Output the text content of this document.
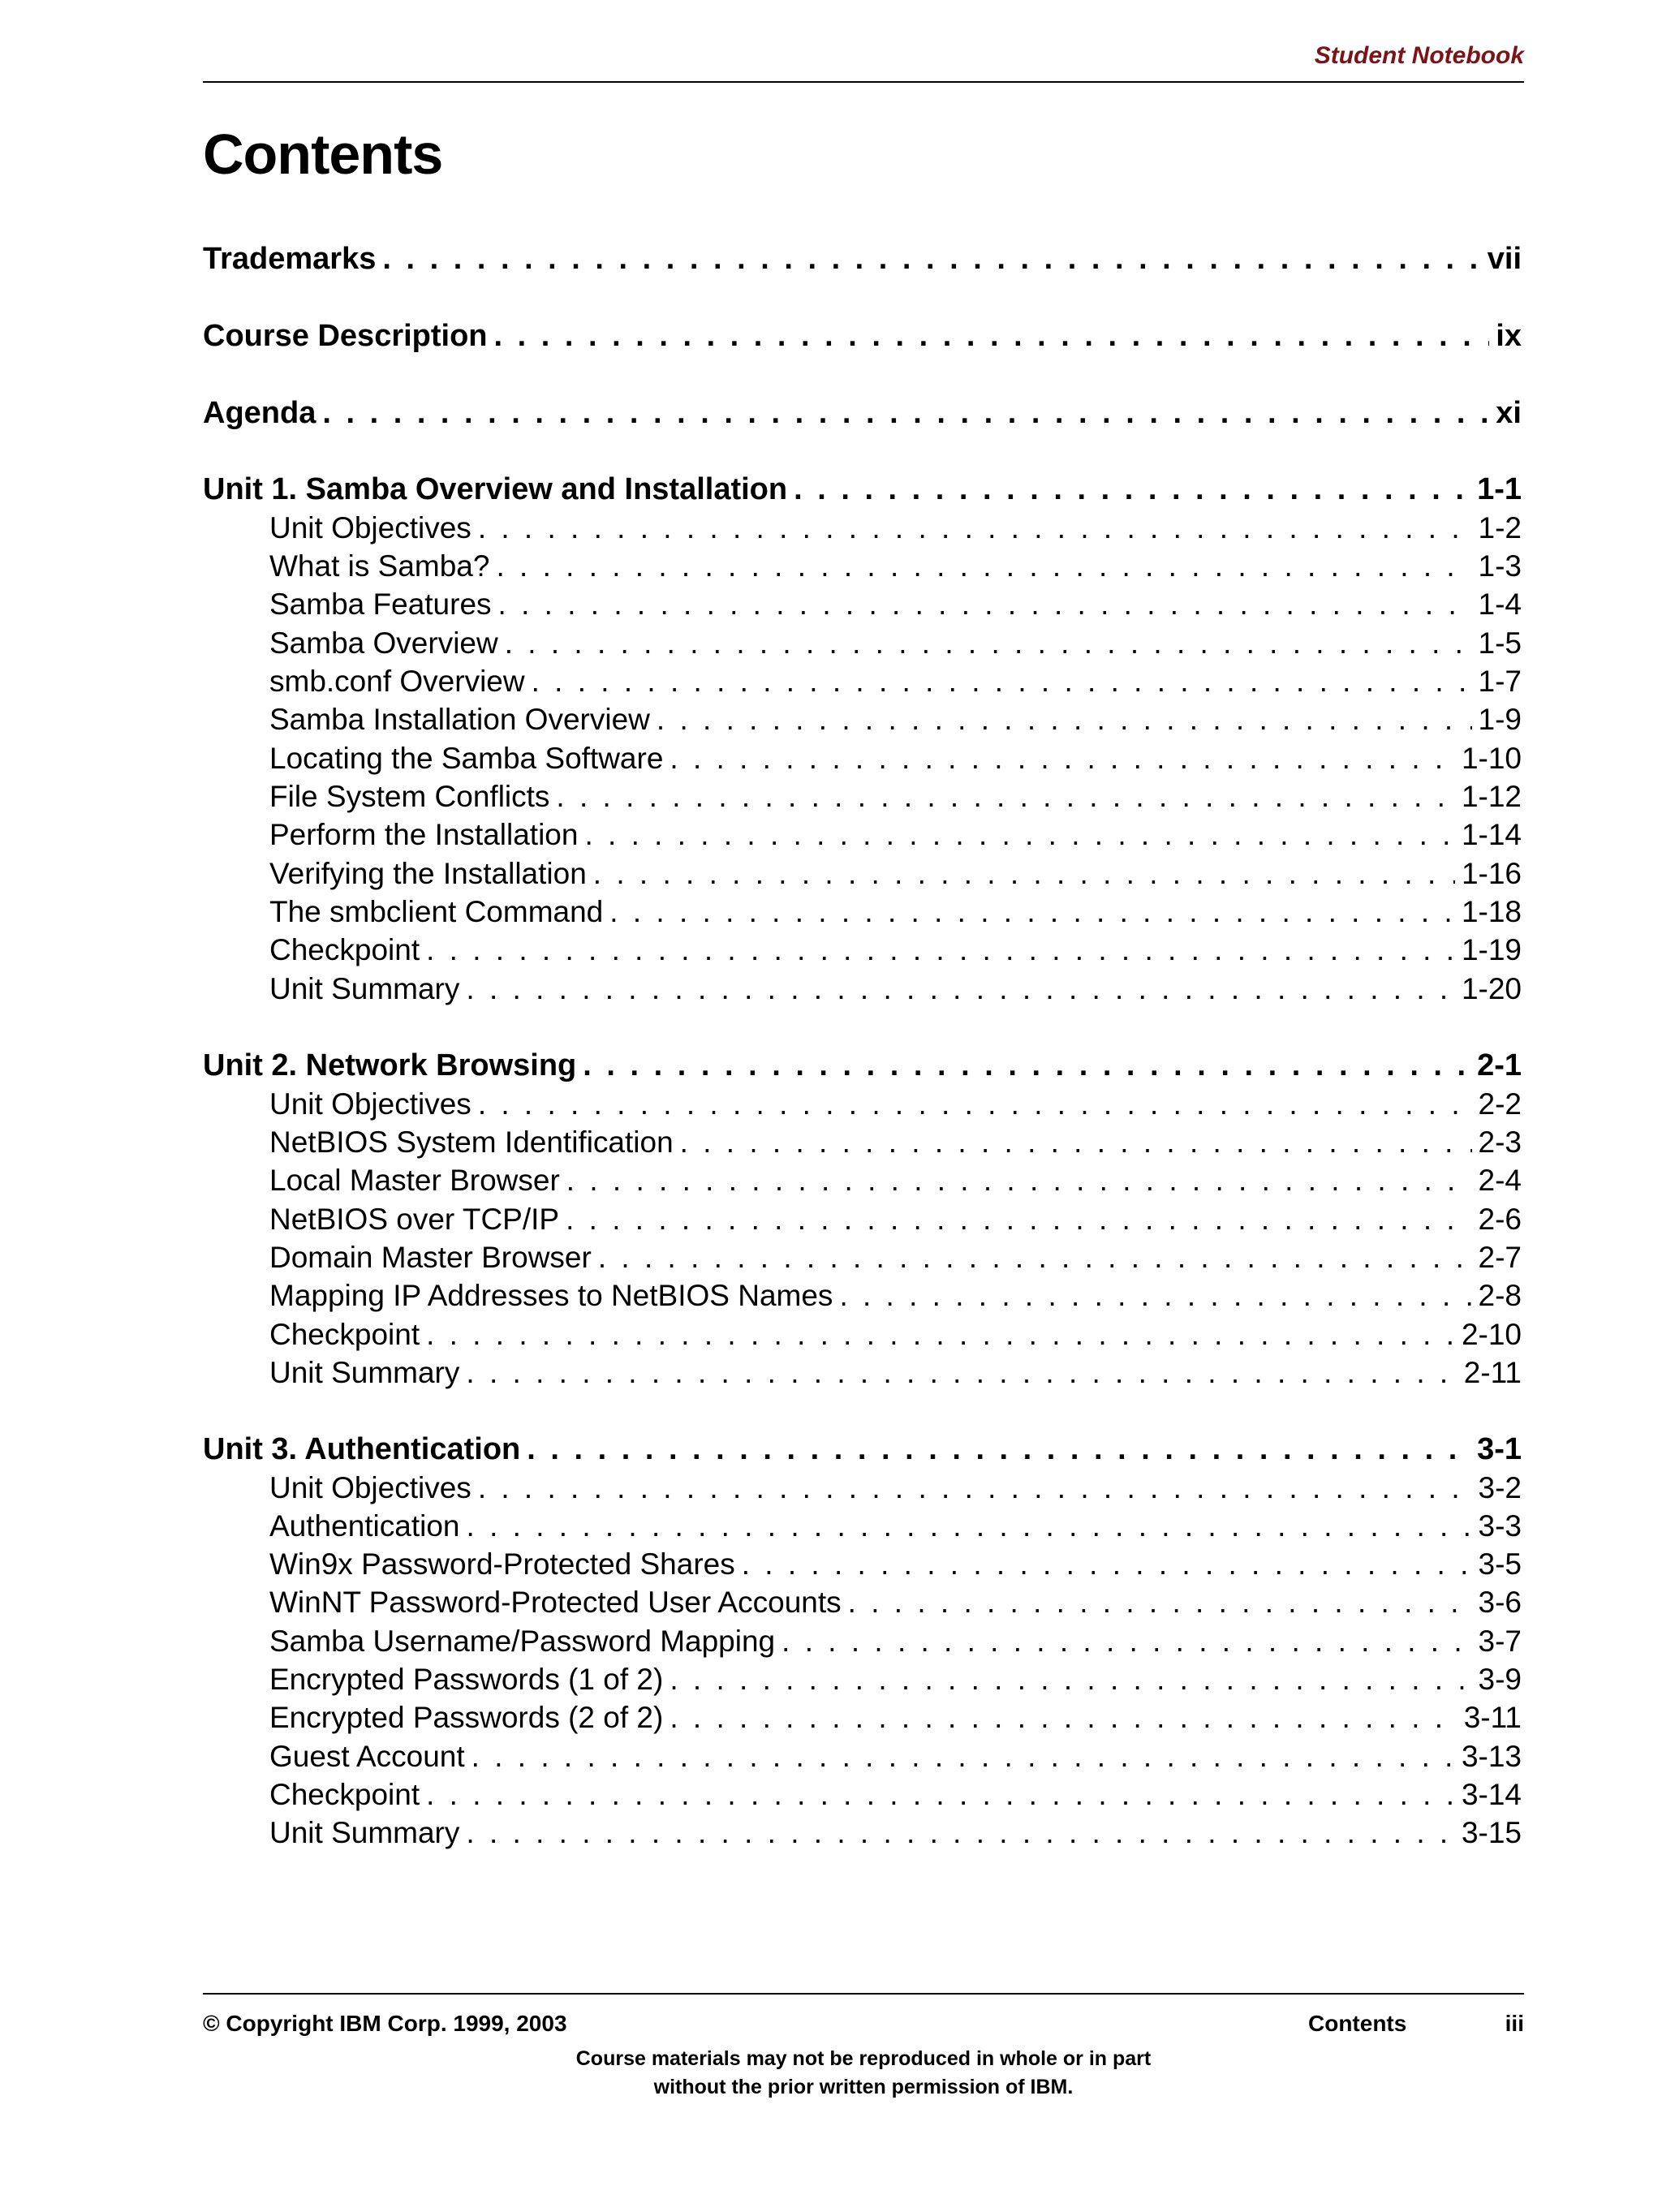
Student Notebook
Contents
Trademarks . . .	vii
Course Description . . .	ix
Agenda . . .	xi
Unit 1. Samba Overview and Installation . . .	1-1
Unit Objectives . . .	1-2
What is Samba? . . .	1-3
Samba Features . . .	1-4
Samba Overview . . .	1-5
smb.conf Overview . . .	1-7
Samba Installation Overview . . .	1-9
Locating the Samba Software . . .	1-10
File System Conflicts . . .	1-12
Perform the Installation . . .	1-14
Verifying the Installation . . .	1-16
The smbclient Command . . .	1-18
Checkpoint . . .	1-19
Unit Summary . . .	1-20
Unit 2. Network Browsing . . .	2-1
Unit Objectives . . .	2-2
NetBIOS System Identification . . .	2-3
Local Master Browser . . .	2-4
NetBIOS over TCP/IP . . .	2-6
Domain Master Browser . . .	2-7
Mapping IP Addresses to NetBIOS Names . . .	2-8
Checkpoint . . .	2-10
Unit Summary . . .	2-11
Unit 3. Authentication . . .	3-1
Unit Objectives . . .	3-2
Authentication . . .	3-3
Win9x Password-Protected Shares . . .	3-5
WinNT Password-Protected User Accounts . . .	3-6
Samba Username/Password Mapping . . .	3-7
Encrypted Passwords (1 of 2) . . .	3-9
Encrypted Passwords (2 of 2) . . .	3-11
Guest Account . . .	3-13
Checkpoint . . .	3-14
Unit Summary . . .	3-15
© Copyright IBM Corp. 1999, 2003	Contents	iii
Course materials may not be reproduced in whole or in part
without the prior written permission of IBM.
